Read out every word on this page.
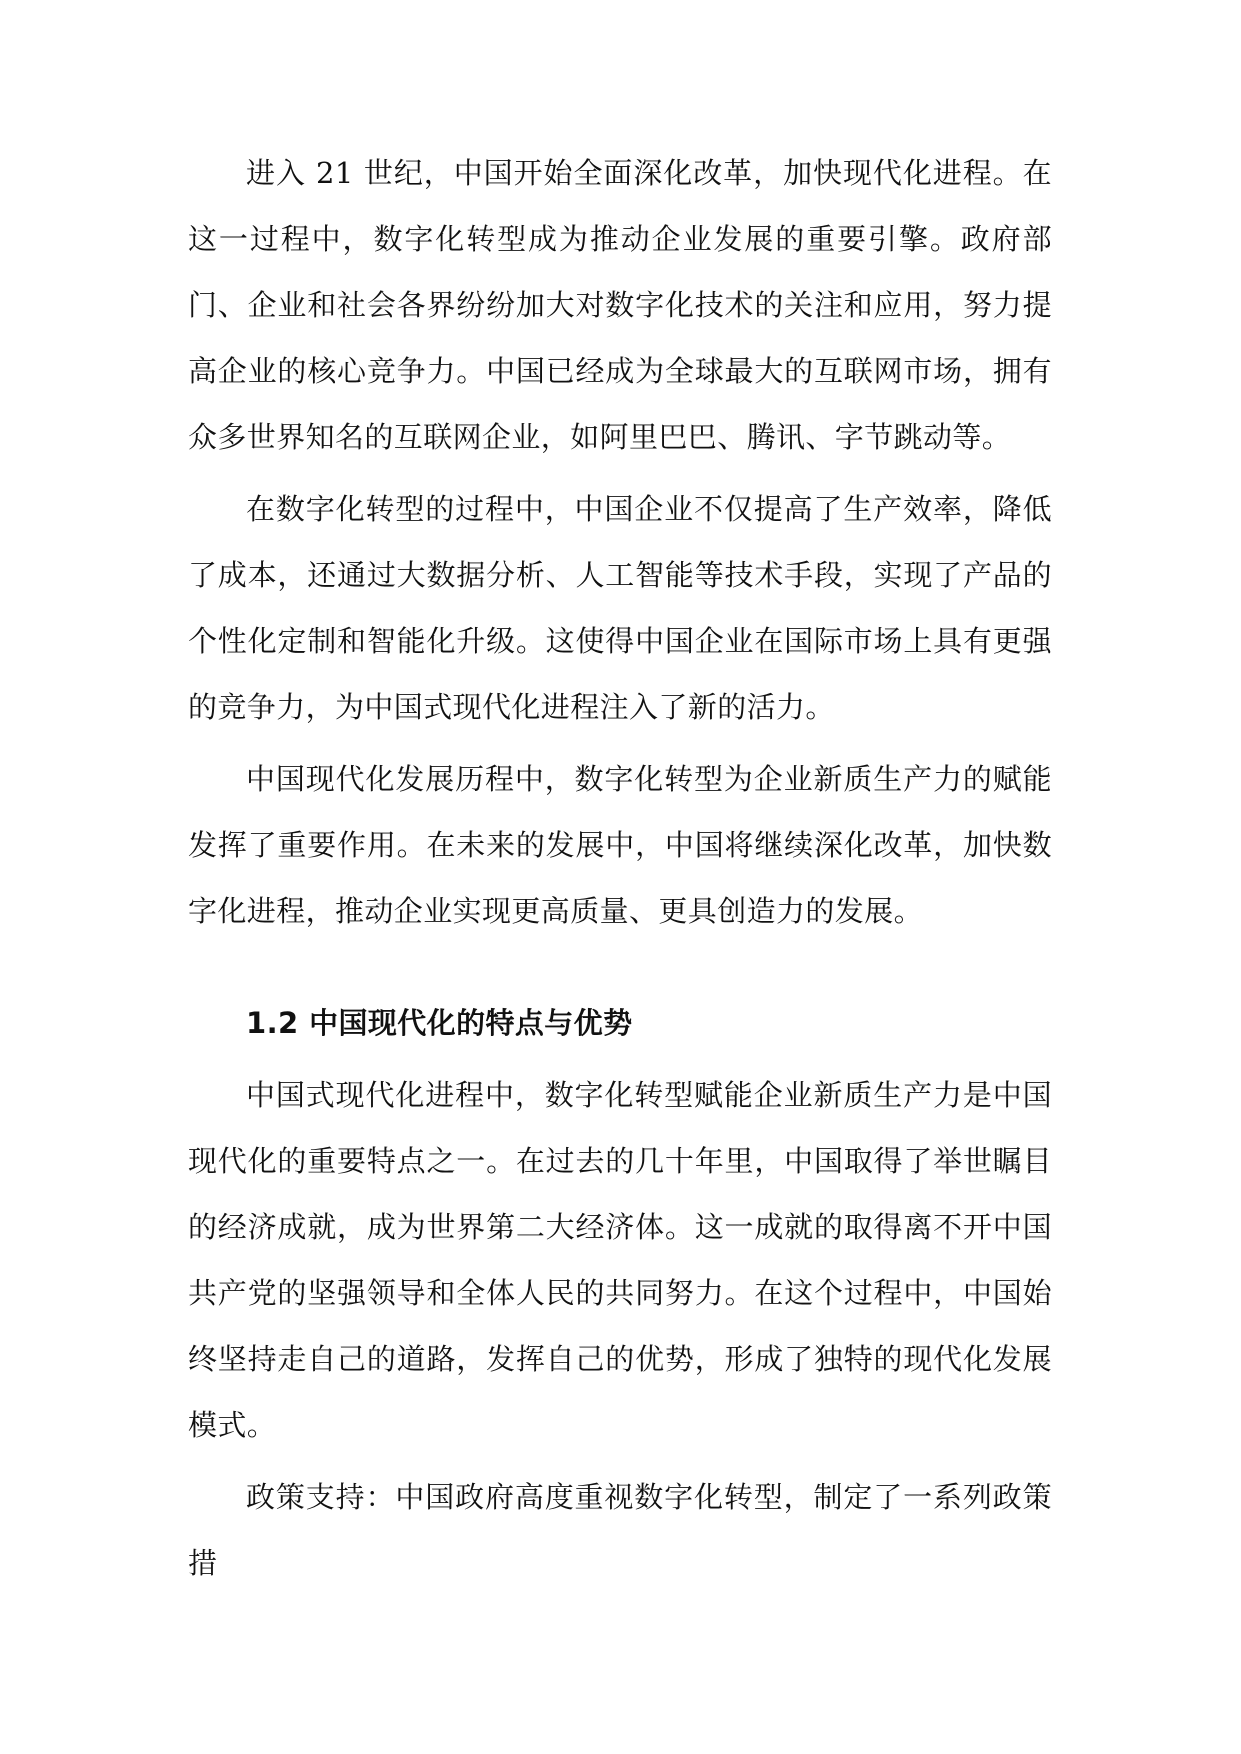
进入 21 世纪，中国开始全面深化改革，加快现代化进程。在这一过程中，数字化转型成为推动企业发展的重要引擎。政府部门、企业和社会各界纷纷加大对数字化技术的关注和应用，努力提高企业的核心竞争力。中国已经成为全球最大的互联网市场，拥有众多世界知名的互联网企业，如阿里巴巴、腾讯、字节跳动等。

在数字化转型的过程中，中国企业不仅提高了生产效率，降低了成本，还通过大数据分析、人工智能等技术手段，实现了产品的个性化定制和智能化升级。这使得中国企业在国际市场上具有更强的竞争力，为中国式现代化进程注入了新的活力。

中国现代化发展历程中，数字化转型为企业新质生产力的赋能发挥了重要作用。在未来的发展中，中国将继续深化改革，加快数字化进程，推动企业实现更高质量、更具创造力的发展。

1.2 中国现代化的特点与优势

中国式现代化进程中，数字化转型赋能企业新质生产力是中国现代化的重要特点之一。在过去的几十年里，中国取得了举世瞩目的经济成就，成为世界第二大经济体。这一成就的取得离不开中国共产党的坚强领导和全体人民的共同努力。在这个过程中，中国始终坚持走自己的道路，发挥自己的优势，形成了独特的现代化发展模式。

政策支持：中国政府高度重视数字化转型，制定了一系列政策措
